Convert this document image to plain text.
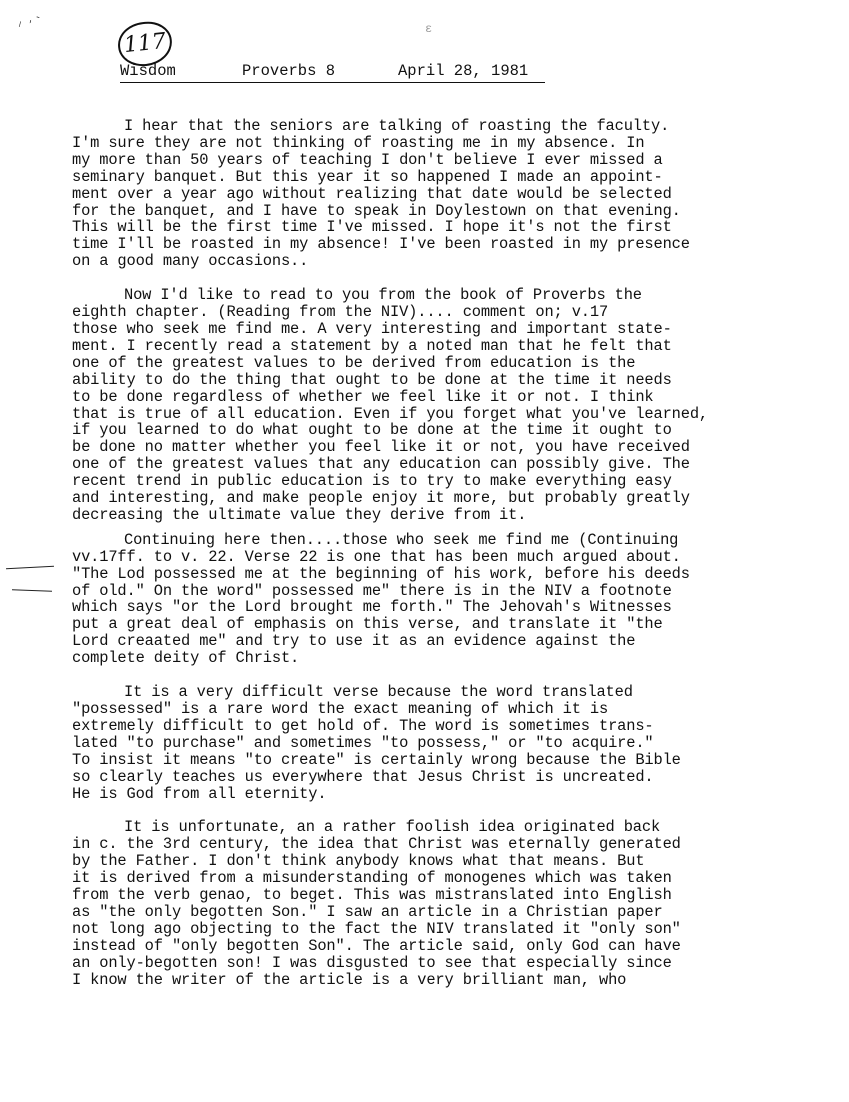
⸝ ˏ ˎ	ε
117

Wisdom

	Proverbs 8

	April 28, 1981

I hear that the seniors are talking of roasting the faculty.
I'm sure they are not thinking of roasting me in my absence. In
my more than 50 years of teaching I don't believe I ever missed a
seminary banquet. But this year it so happened I made an appoint-
ment over a year ago without realizing that date would be selected
for the banquet, and I have to speak in Doylestown on that evening.
This will be the first time I've missed. I hope it's not the first
time I'll be roasted in my absence! I've been roasted in my presence
on a good many occasions..

Now I'd like to read to you from the book of Proverbs the
eighth chapter. (Reading from the NIV).... comment on; v.17
those who seek me find me. A very interesting and important state-
ment. I recently read a statement by a noted man that he felt that
one of the greatest values to be derived from education is the
ability to do the thing that ought to be done at the time it needs
to be done regardless of whether we feel like it or not. I think
that is true of all education. Even if you forget what you've learned,
if you learned to do what ought to be done at the time it ought to
be done no matter whether you feel like it or not, you have received
one of the greatest values that any education can possibly give. The
recent trend in public education is to try to make everything easy
and interesting, and make people enjoy it more, but probably greatly
decreasing the ultimate value they derive from it.

Continuing here then....those who seek me find me (Continuing
vv.17ff. to v. 22. Verse 22 is one that has been much argued about.
"The Lod possessed me at the beginning of his work, before his deeds
of old." On the word" possessed me" there is in the NIV a footnote
which says "or the Lord brought me forth." The Jehovah's Witnesses
put a great deal of emphasis on this verse, and translate it "the
Lord creaated me" and try to use it as an evidence against the
complete deity of Christ.

It is a very difficult verse because the word translated
"possessed" is a rare word the exact meaning of which it is
extremely difficult to get hold of. The word is sometimes trans-
lated "to purchase" and sometimes "to possess," or "to acquire."
To insist it means "to create" is certainly wrong because the Bible
so clearly teaches us everywhere that Jesus Christ is uncreated.
He is God from all eternity.

It is unfortunate, an a rather foolish idea originated back
in c. the 3rd century, the idea that Christ was eternally generated
by the Father. I don't think anybody knows what that means. But
it is derived from a misunderstanding of monogenes which was taken
from the verb genao, to beget. This was mistranslated into English
as "the only begotten Son." I saw an article in a Christian paper
not long ago objecting to the fact the NIV translated it "only son"
instead of "only begotten Son". The article said, only God can have
an only-begotten son! I was disgusted to see that especially since
I know the writer of the article is a very brilliant man, who
